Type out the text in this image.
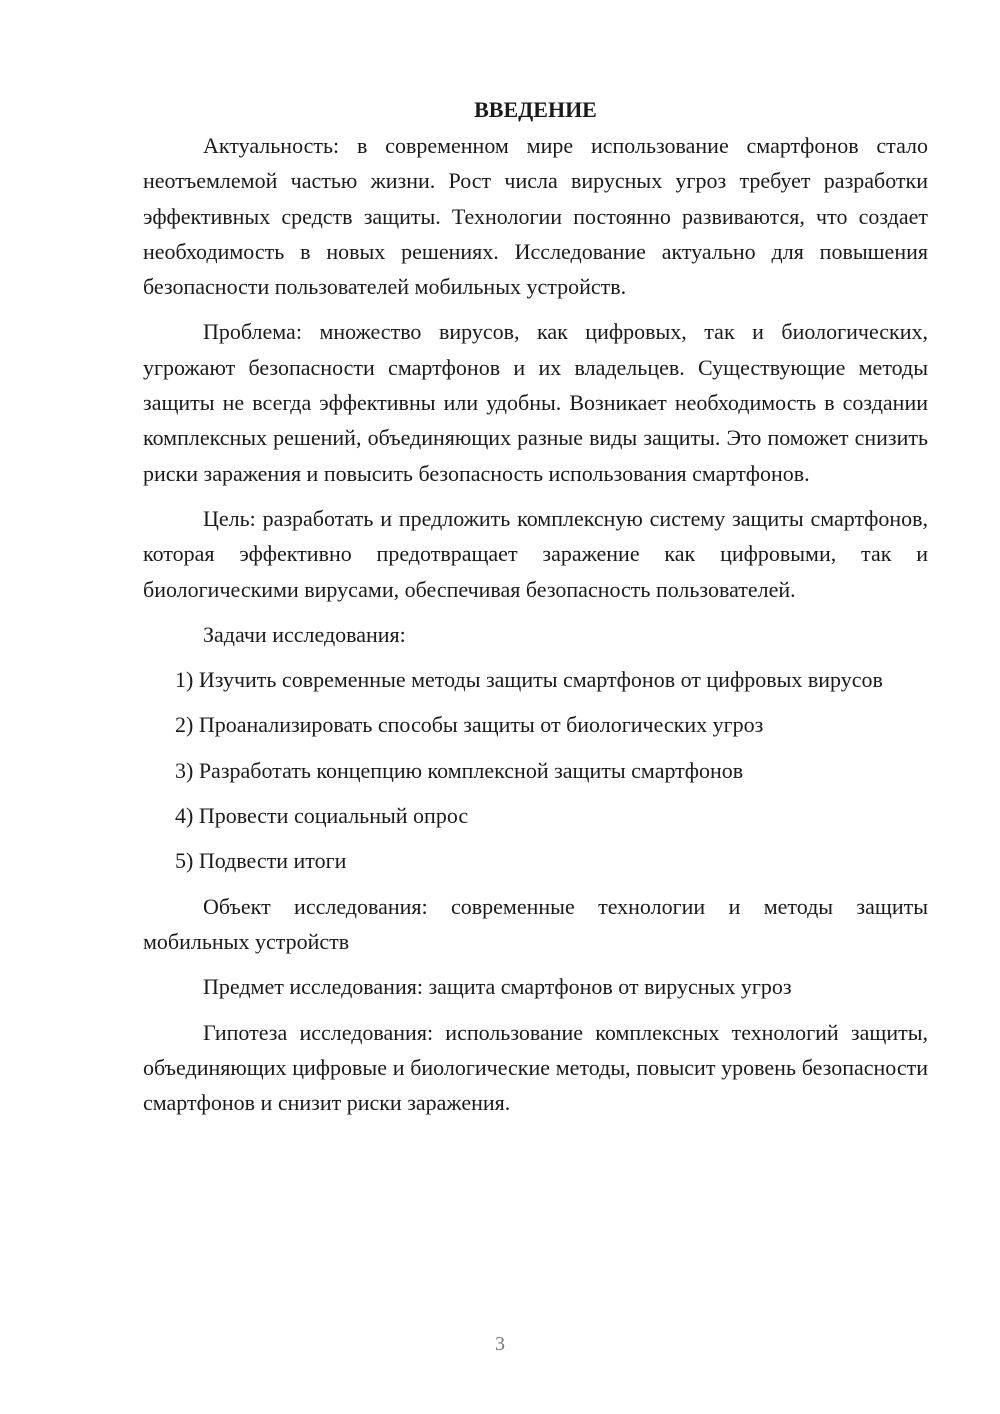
ВВЕДЕНИЕ

Актуальность: в современном мире использование смартфонов стало неотъемлемой частью жизни. Рост числа вирусных угроз требует разработки эффективных средств защиты. Технологии постоянно развиваются, что создает необходимость в новых решениях. Исследование актуально для повышения безопасности пользователей мобильных устройств.

Проблема: множество вирусов, как цифровых, так и биологических, угрожают безопасности смартфонов и их владельцев. Существующие методы защиты не всегда эффективны или удобны. Возникает необходимость в создании комплексных решений, объединяющих разные виды защиты. Это поможет снизить риски заражения и повысить безопасность использования смартфонов.

Цель: разработать и предложить комплексную систему защиты смартфонов, которая эффективно предотвращает заражение как цифровыми, так и биологическими вирусами, обеспечивая безопасность пользователей.

Задачи исследования:

1) Изучить современные методы защиты смартфонов от цифровых вирусов

2) Проанализировать способы защиты от биологических угроз

3) Разработать концепцию комплексной защиты смартфонов

4) Провести социальный опрос

5) Подвести итоги

Объект исследования: современные технологии и методы защиты мобильных устройств

Предмет исследования: защита смартфонов от вирусных угроз

Гипотеза исследования: использование комплексных технологий защиты, объединяющих цифровые и биологические методы, повысит уровень безопасности смартфонов и снизит риски заражения.

3
